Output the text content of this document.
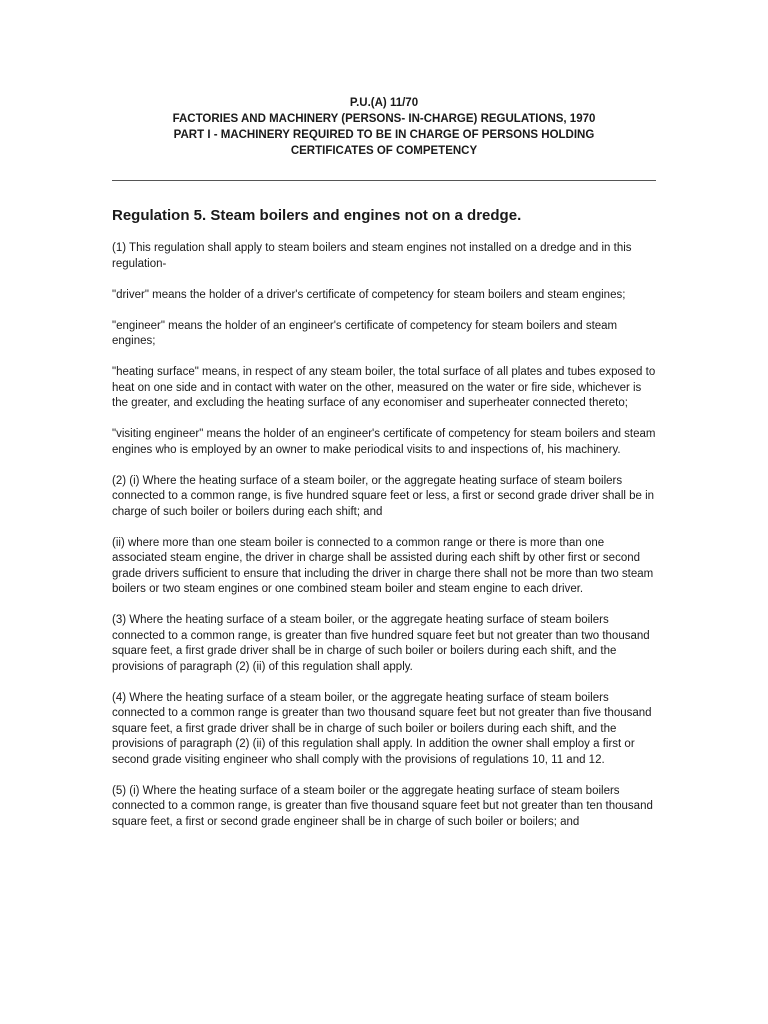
P.U.(A) 11/70
FACTORIES AND MACHINERY (PERSONS- IN-CHARGE) REGULATIONS, 1970
PART I - MACHINERY REQUIRED TO BE IN CHARGE OF PERSONS HOLDING
CERTIFICATES OF COMPETENCY
Regulation 5. Steam boilers and engines not on a dredge.

(1) This regulation shall apply to steam boilers and steam engines not installed on a dredge and in this regulation-

"driver" means the holder of a driver's certificate of competency for steam boilers and steam engines;

"engineer" means the holder of an engineer's certificate of competency for steam boilers and steam engines;

"heating surface" means, in respect of any steam boiler, the total surface of all plates and tubes exposed to heat on one side and in contact with water on the other, measured on the water or fire side, whichever is the greater, and excluding the heating surface of any economiser and superheater connected thereto;

"visiting engineer" means the holder of an engineer's certificate of competency for steam boilers and steam engines who is employed by an owner to make periodical visits to and inspections of, his machinery.

(2) (i) Where the heating surface of a steam boiler, or the aggregate heating surface of steam boilers connected to a common range, is five hundred square feet or less, a first or second grade driver shall be in charge of such boiler or boilers during each shift; and

(ii) where more than one steam boiler is connected to a common range or there is more than one associated steam engine, the driver in charge shall be assisted during each shift by other first or second grade drivers sufficient to ensure that including the driver in charge there shall not be more than two steam boilers or two steam engines or one combined steam boiler and steam engine to each driver.

(3) Where the heating surface of a steam boiler, or the aggregate heating surface of steam boilers connected to a common range, is greater than five hundred square feet but not greater than two thousand square feet, a first grade driver shall be in charge of such boiler or boilers during each shift, and the provisions of paragraph (2) (ii) of this regulation shall apply.

(4) Where the heating surface of a steam boiler, or the aggregate heating surface of steam boilers connected to a common range is greater than two thousand square feet but not greater than five thousand square feet, a first grade driver shall be in charge of such boiler or boilers during each shift, and the provisions of paragraph (2) (ii) of this regulation shall apply. In addition the owner shall employ a first or second grade visiting engineer who shall comply with the provisions of regulations 10, 11 and 12.

(5) (i) Where the heating surface of a steam boiler or the aggregate heating surface of steam boilers connected to a common range, is greater than five thousand square feet but not greater than ten thousand square feet, a first or second grade engineer shall be in charge of such boiler or boilers; and
